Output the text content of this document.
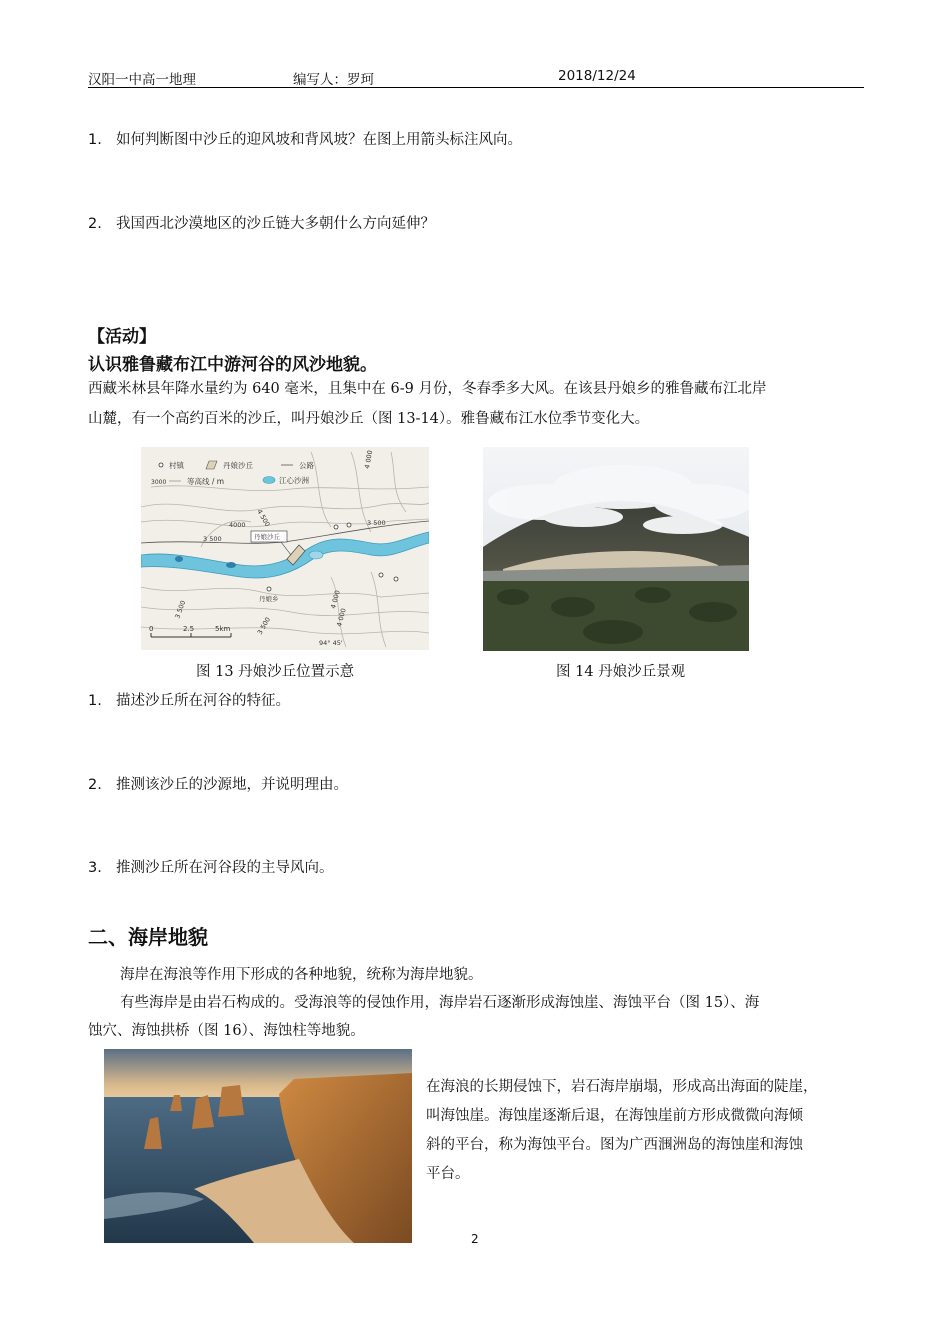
汉阳一中高一地理	编写人：罗珂	2018/12/24
1. 如何判断图中沙丘的迎风坡和背风坡？在图上用箭头标注风向。
2. 我国西北沙漠地区的沙丘链大多朝什么方向延伸？
【活动】
认识雅鲁藏布江中游河谷的风沙地貌。
西藏米林县年降水量约为 640 毫米，且集中在 6-9 月份，冬春季多大风。在该县丹娘乡的雅鲁藏布江北岸
山麓，有一个高约百米的沙丘，叫丹娘沙丘（图 13-14）。雅鲁藏布江水位季节变化大。
村镇	丹娘沙丘	公路
3000	等高线 / m	江心沙洲
丹娘沙丘
丹娘乡
4000
3 500
4 000
4 500	3 500
3 500
3 500
4 000
4 000
94° 45'
0	2.5	5km
图 13 丹娘沙丘位置示意	图 14 丹娘沙丘景观
1. 描述沙丘所在河谷的特征。
2. 推测该沙丘的沙源地，并说明理由。
3. 推测沙丘所在河谷段的主导风向。
二、海岸地貌
海岸在海浪等作用下形成的各种地貌，统称为海岸地貌。
有些海岸是由岩石构成的。受海浪等的侵蚀作用，海岸岩石逐渐形成海蚀崖、海蚀平台（图 15）、海
蚀穴、海蚀拱桥（图 16）、海蚀柱等地貌。
在海浪的长期侵蚀下，岩石海岸崩塌，形成高出海面的陡崖，
叫海蚀崖。海蚀崖逐渐后退，在海蚀崖前方形成微微向海倾
斜的平台，称为海蚀平台。图为广西涠洲岛的海蚀崖和海蚀
平台。
2
